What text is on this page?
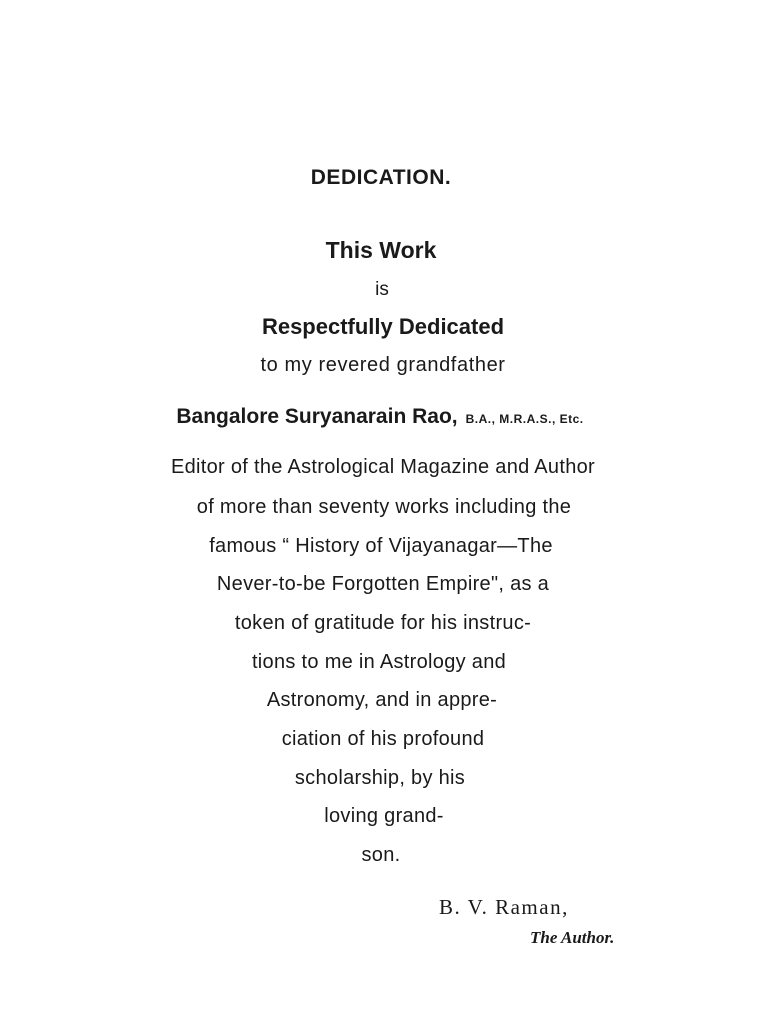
DEDICATION.
This Work
is
Respectfully Dedicated
to my revered grandfather
Bangalore Suryanarain Rao, B.A., M.R.A.S., Etc.
Editor of the Astrological Magazine and Author
of more than seventy works including the
famous “ History of Vijayanagar—The
Never-to-be Forgotten Empire", as a
token of gratitude for his instruc-
tions to me in Astrology and
Astronomy, and in appre-
ciation of his profound
scholarship, by his
loving grand-
son.
B. V. Raman,
The Author.
